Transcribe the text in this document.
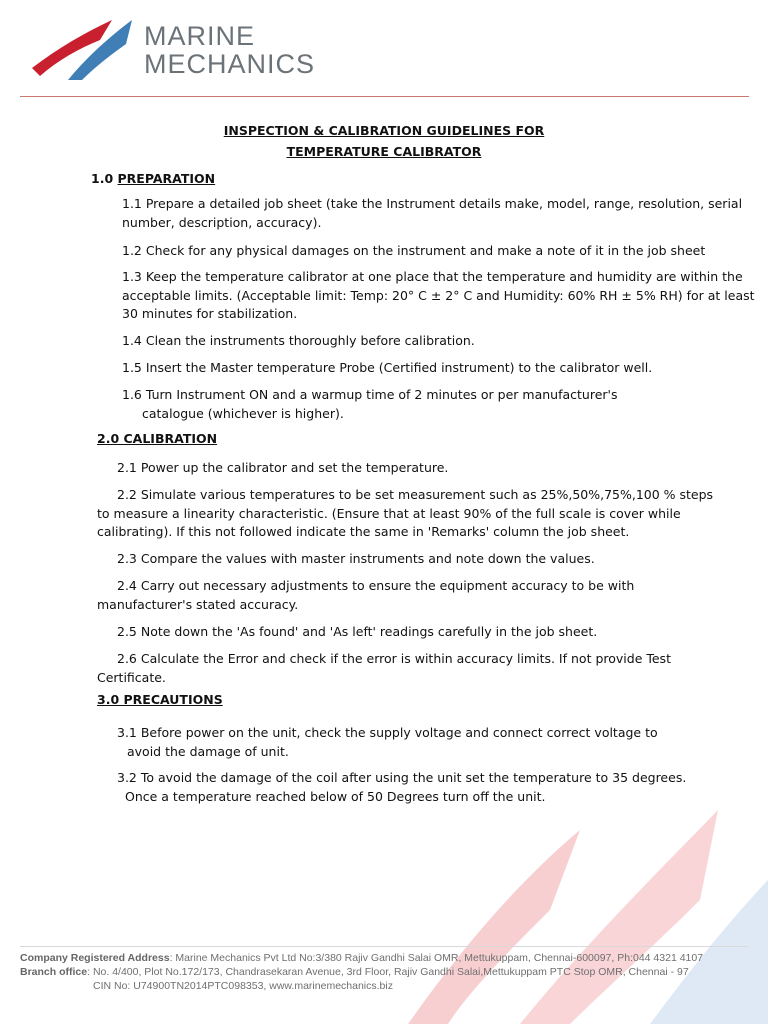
MARINE
MECHANICS
INSPECTION & CALIBRATION GUIDELINES FOR
TEMPERATURE CALIBRATOR
1.0 PREPARATION
1.1 Prepare a detailed job sheet (take the Instrument details make, model, range, resolution, serial
number, description, accuracy).
1.2 Check for any physical damages on the instrument and make a note of it in the job sheet
1.3 Keep the temperature calibrator at one place that the temperature and humidity are within the
acceptable limits. (Acceptable limit: Temp: 20° C ± 2° C and Humidity: 60% RH ± 5% RH) for at least
30 minutes for stabilization.
1.4 Clean the instruments thoroughly before calibration.
1.5 Insert the Master temperature Probe (Certified instrument) to the calibrator well.
1.6 Turn Instrument ON and a warmup time of 2 minutes or per manufacturer's
catalogue (whichever is higher).
2.0 CALIBRATION
2.1 Power up the calibrator and set the temperature.
2.2 Simulate various temperatures to be set measurement such as 25%,50%,75%,100 % steps
to measure a linearity characteristic. (Ensure that at least 90% of the full scale is cover while
calibrating). If this not followed indicate the same in 'Remarks' column the job sheet.
2.3 Compare the values with master instruments and note down the values.
2.4 Carry out necessary adjustments to ensure the equipment accuracy to be with
manufacturer's stated accuracy.
2.5 Note down the 'As found' and 'As left' readings carefully in the job sheet.
2.6 Calculate the Error and check if the error is within accuracy limits. If not provide Test
Certificate.
3.0 PRECAUTIONS
3.1 Before power on the unit, check the supply voltage and connect correct voltage to
avoid the damage of unit.
3.2 To avoid the damage of the coil after using the unit set the temperature to 35 degrees.
Once a temperature reached below of 50 Degrees turn off the unit.
Company Registered Address: Marine Mechanics Pvt Ltd No:3/380 Rajiv Gandhi Salai OMR, Mettukuppam, Chennai-600097, Ph:044 4321 4107
Branch office: No. 4/400, Plot No.172/173, Chandrasekaran Avenue, 3rd Floor, Rajiv Gandhi Salai,Mettukuppam PTC Stop OMR, Chennai - 97
CIN No: U74900TN2014PTC098353, www.marinemechanics.biz
